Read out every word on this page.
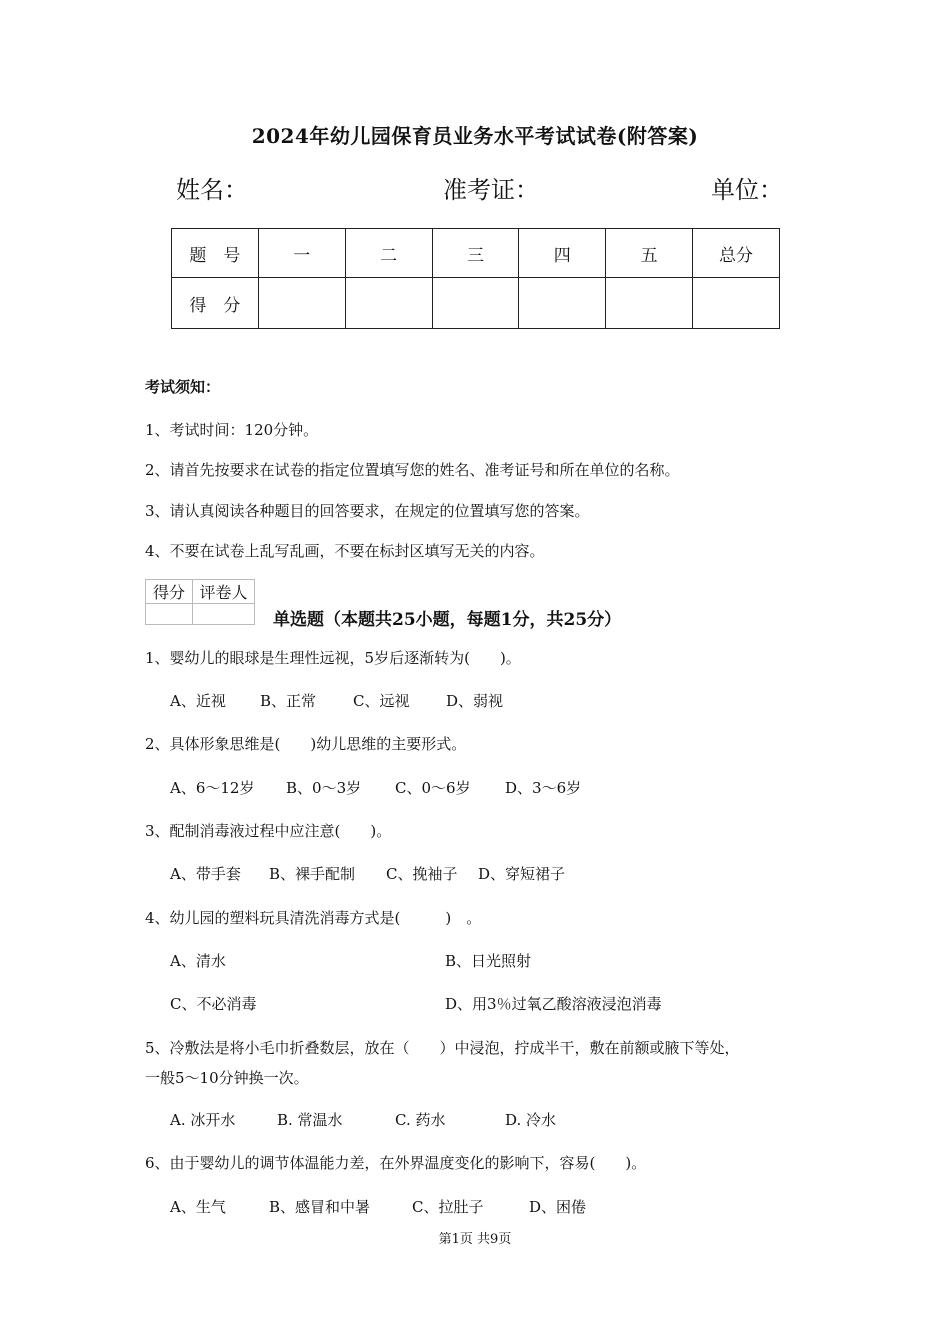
2024年幼儿园保育员业务水平考试试卷(附答案)
姓名：	准考证：	单位：
题　号	一	二	三	四	五	总分
得　分						
考试须知：
1、考试时间：120分钟。
2、请首先按要求在试卷的指定位置填写您的姓名、准考证号和所在单位的名称。
3、请认真阅读各种题目的回答要求，在规定的位置填写您的答案。
4、不要在试卷上乱写乱画，不要在标封区填写无关的内容。
得分	评卷人

单选题（本题共25小题，每题1分，共25分）
1、婴幼儿的眼球是生理性远视，5岁后逐渐转为(　　)。
A、近视 B、正常 C、远视 D、弱视
2、具体形象思维是(　　)幼儿思维的主要形式。
A、6～12岁 B、0～3岁 C、0～6岁 D、3～6岁
3、配制消毒液过程中应注意(　　)。
A、带手套 B、裸手配制 C、挽袖子 D、穿短裙子
4、幼儿园的塑料玩具清洗消毒方式是(　　　)　。
A、清水	B、日光照射
C、不必消毒	D、用3％过氧乙酸溶液浸泡消毒
5、冷敷法是将小毛巾折叠数层，放在（　　）中浸泡，拧成半干，敷在前额或腋下等处，
一般5～10分钟换一次。
A. 冰开水	B. 常温水	C. 药水	D. 冷水
6、由于婴幼儿的调节体温能力差，在外界温度变化的影响下，容易(　　)。
A、生气	B、感冒和中暑	C、拉肚子	D、困倦
第1页 共9页
